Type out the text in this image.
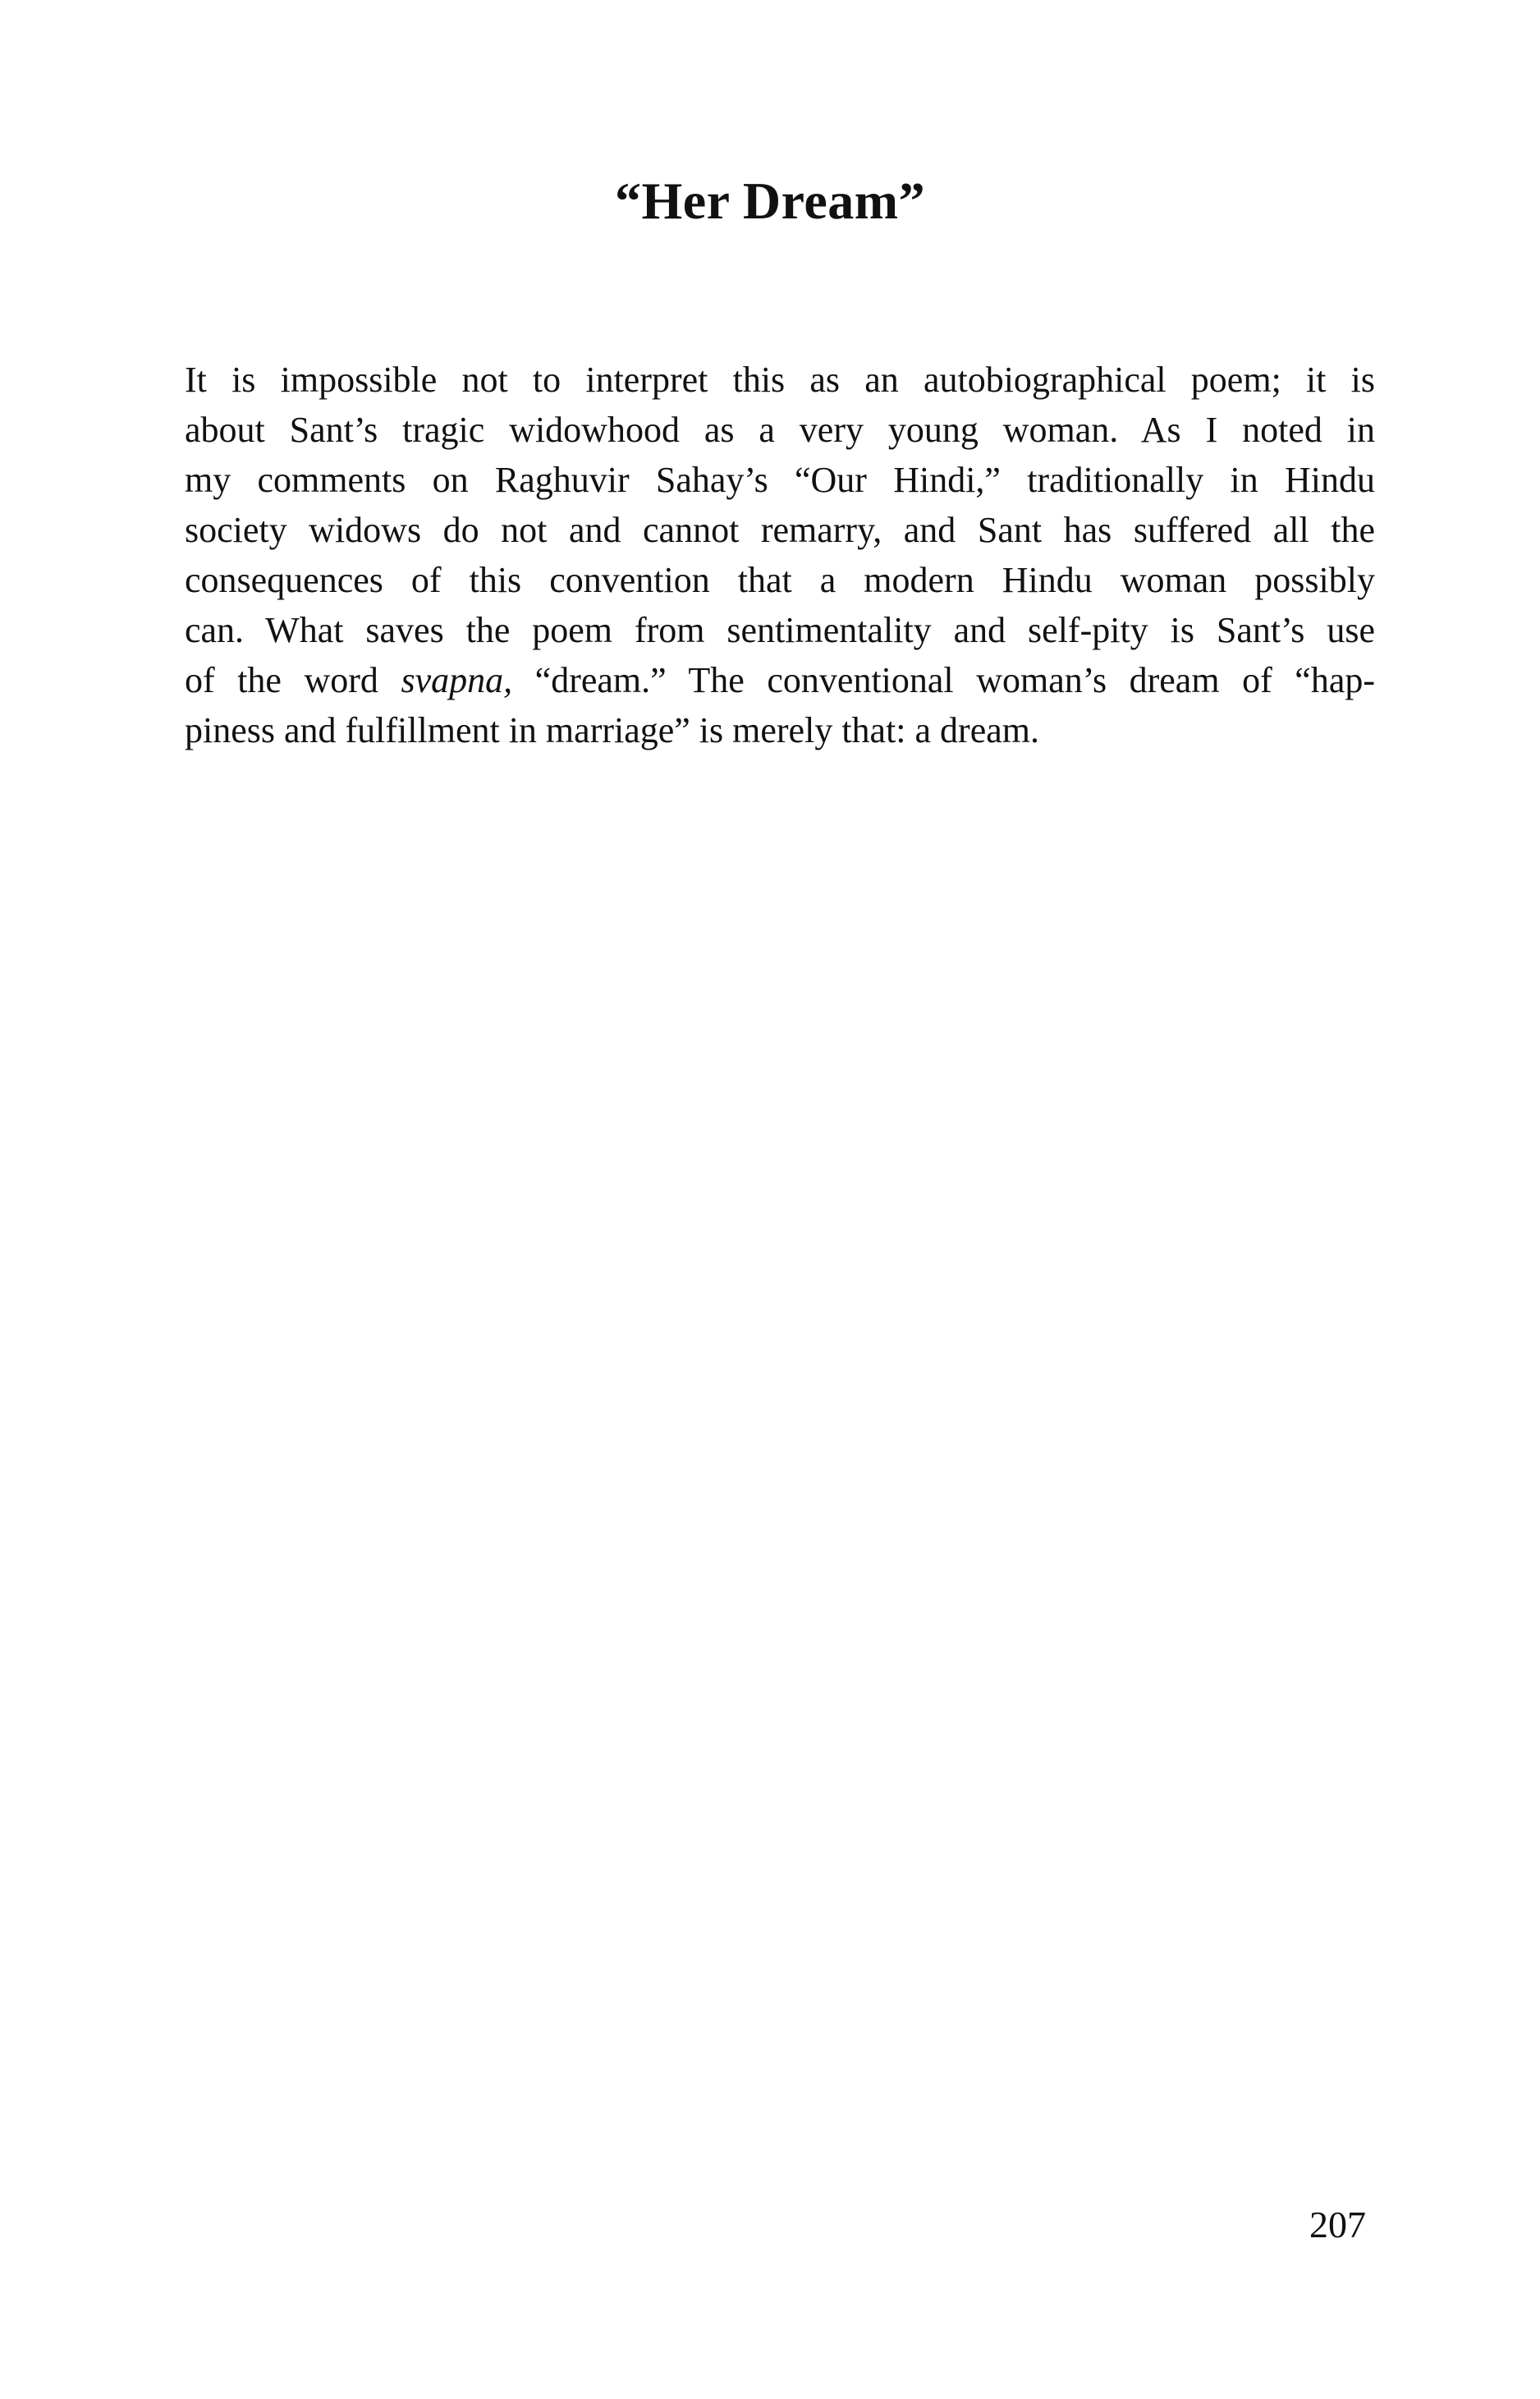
“Her Dream”
It is impossible not to interpret this as an autobiographical poem; it is
about Sant’s tragic widowhood as a very young woman. As I noted in
my comments on Raghuvir Sahay’s “Our Hindi,” traditionally in Hindu
society widows do not and cannot remarry, and Sant has suffered all the
consequences of this convention that a modern Hindu woman possibly
can. What saves the poem from sentimentality and self-pity is Sant’s use
of the word svapna, “dream.” The conventional woman’s dream of “hap-
piness and fulfillment in marriage” is merely that: a dream.
207
